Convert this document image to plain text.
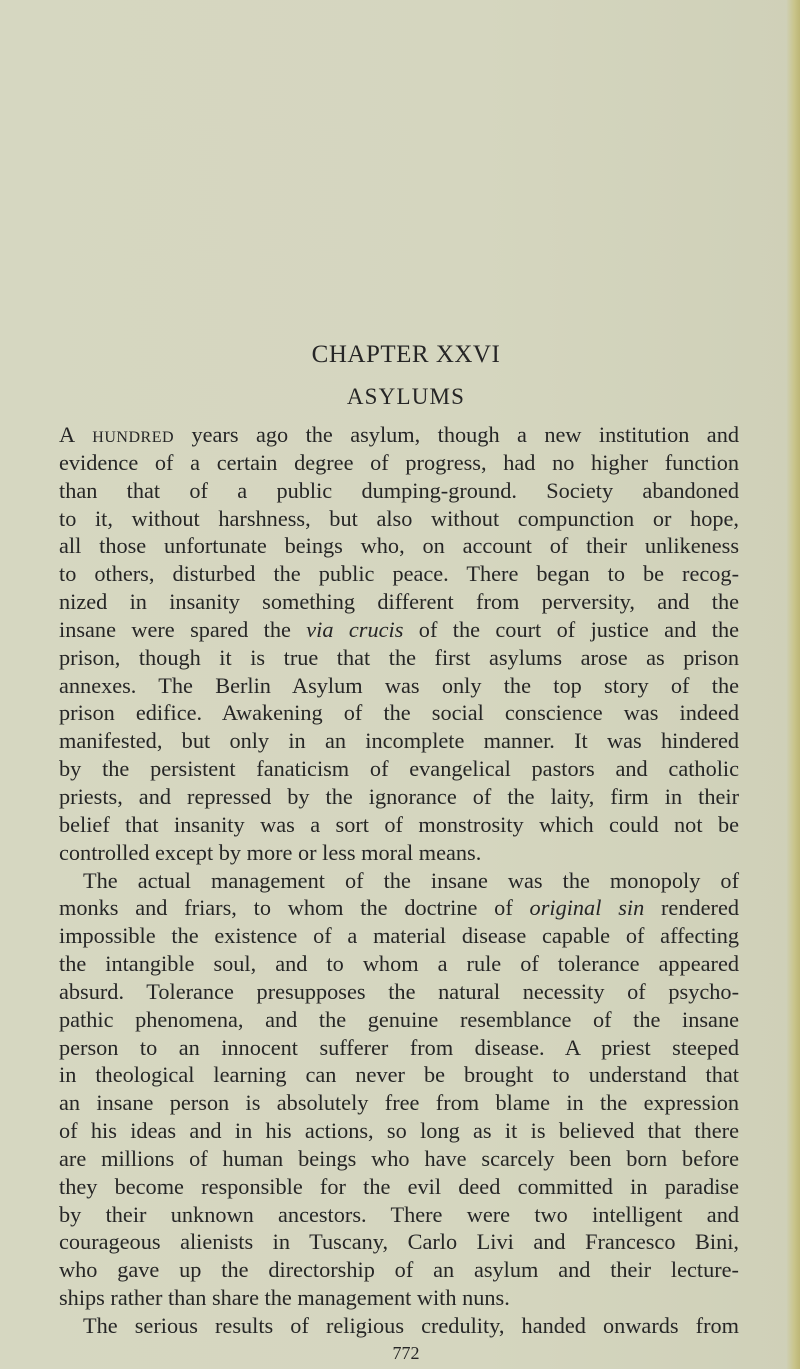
CHAPTER XXVI
ASYLUMS
A hundred years ago the asylum, though a new institution and
evidence of a certain degree of progress, had no higher function
than that of a public dumping-ground. Society abandoned
to it, without harshness, but also without compunction or hope,
all those unfortunate beings who, on account of their unlikeness
to others, disturbed the public peace. There began to be recog-
nized in insanity something different from perversity, and the
insane were spared the via crucis of the court of justice and the
prison, though it is true that the first asylums arose as prison
annexes. The Berlin Asylum was only the top story of the
prison edifice. Awakening of the social conscience was indeed
manifested, but only in an incomplete manner. It was hindered
by the persistent fanaticism of evangelical pastors and catholic
priests, and repressed by the ignorance of the laity, firm in their
belief that insanity was a sort of monstrosity which could not be
controlled except by more or less moral means.
The actual management of the insane was the monopoly of
monks and friars, to whom the doctrine of original sin rendered
impossible the existence of a material disease capable of affecting
the intangible soul, and to whom a rule of tolerance appeared
absurd. Tolerance presupposes the natural necessity of psycho-
pathic phenomena, and the genuine resemblance of the insane
person to an innocent sufferer from disease. A priest steeped
in theological learning can never be brought to understand that
an insane person is absolutely free from blame in the expression
of his ideas and in his actions, so long as it is believed that there
are millions of human beings who have scarcely been born before
they become responsible for the evil deed committed in paradise
by their unknown ancestors. There were two intelligent and
courageous alienists in Tuscany, Carlo Livi and Francesco Bini,
who gave up the directorship of an asylum and their lecture-
ships rather than share the management with nuns.
The serious results of religious credulity, handed onwards from
772
